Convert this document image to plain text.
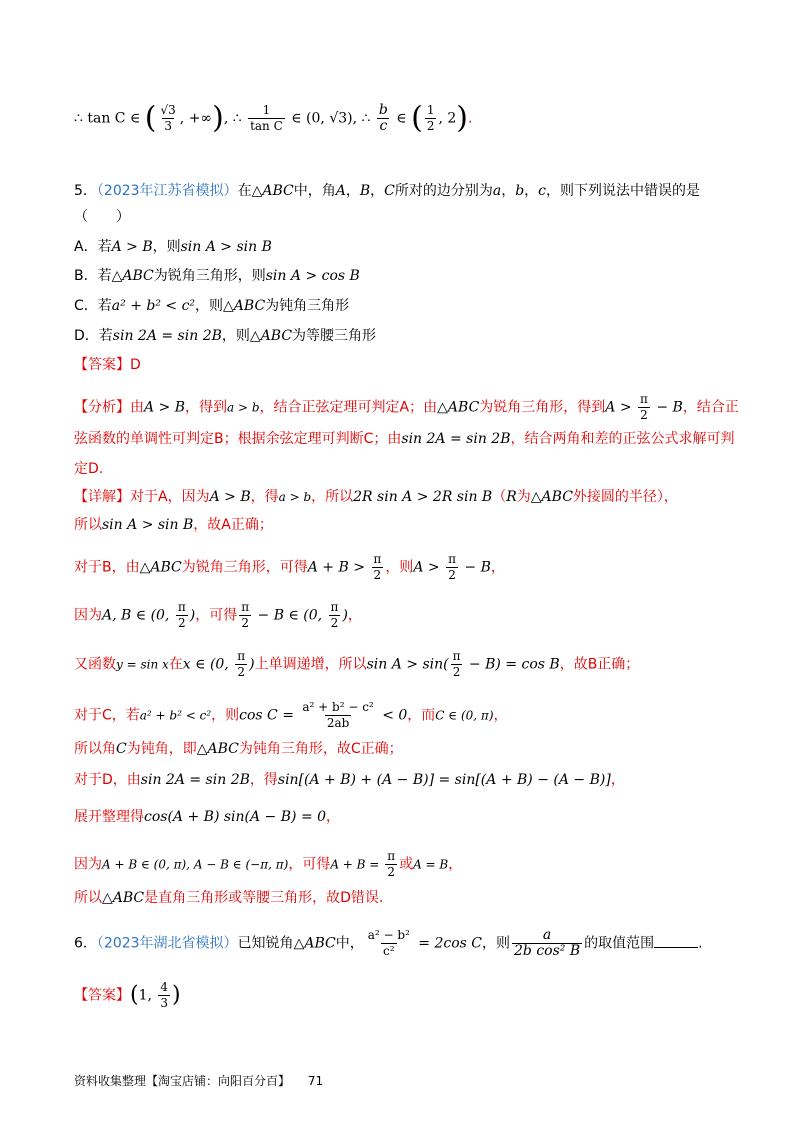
∴ tan C ∈ ( $\frac{√3}{3}$ , +∞), ∴ $\frac{1}{\text{tan C}}$ ∈ (0, √3), ∴ $\frac{b}{c}$ ∈ ( $\frac{1}{2}$ , 2).
5．（2023年江苏省模拟）在△ABC中，角A，B，C所对的边分别为a，b，c，则下列说法中错误的是
（　　）
A．若A > B，则sin A > sin B
B．若△ABC为锐角三角形，则sin A > cos B
C．若a² + b² < c²，则△ABC为钝角三角形
D．若sin 2A = sin 2B，则△ABC为等腰三角形
【答案】D
【分析】由A > B，得到a > b，结合正弦定理可判定A；由△ABC为锐角三角形，得到$A > \frac{\pi}{2} - B$，结合正
弦函数的单调性可判定B；根据余弦定理可判断C；由sin 2A = sin 2B，结合两角和差的正弦公式求解可判
定D.
【详解】对于A，因为A > B，得a > b，所以2R sin A > 2R sin B（R为△ABC外接圆的半径），
所以sin A > sin B，故A正确；
对于B，由△ABC为锐角三角形，可得$A + B > \frac{\pi}{2}$ ，则$A > \frac{\pi}{2} - B$，
因为A, B ∈ (0, $\frac{\pi}{2}$ )，可得 $\frac{\pi}{2} - B$ ∈ (0, $\frac{\pi}{2}$ )，
又函数y = sin x在x ∈ (0, $\frac{\pi}{2}$ )上单调递增，所以$\sin A > \sin( \frac{\pi}{2} - B) = \cos B$，故B正确；
对于C，若a² + b² < c²，则$\cos C = \frac{\text{a² + b² − c²}}{2ab} < 0$，而C ∈ (0, π)，
所以角C为钝角，即△ABC为钝角三角形，故C正确；
对于D，由sin 2A = sin 2B，得sin[(A + B) + (A − B)] = sin[(A + B) − (A − B)]，
展开整理得cos(A + B) sin(A − B) = 0，
因为A + B ∈ (0, π), A − B ∈ (−π, π)，可得$A + B = \frac{\pi}{2}$ 或A = B，
所以△ABC是直角三角形或等腰三角形，故D错误.
6．（2023年湖北省模拟）已知锐角△ABC中， $\frac{\text{a² − b²}}{\text{c²}} = 2\cos$ C，则 $\frac{a}{\text{2b cos² B}}$ 的取值范围	.
【答案】(1, $\frac{4}{3}$ )
资料收集整理【淘宝店铺：向阳百分百】 71
